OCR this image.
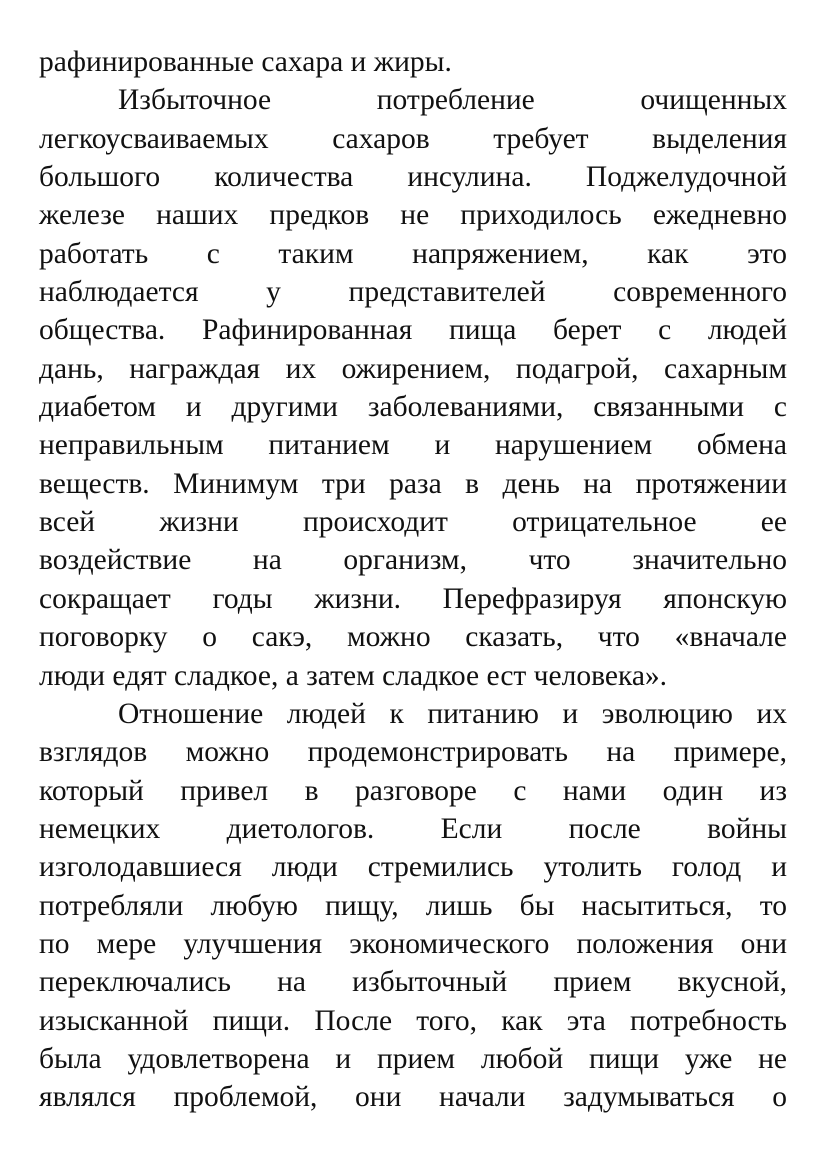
рафинированные сахара и жиры.
Избыточное потребление очищенных
легкоусваиваемых сахаров требует выделения
большого количества инсулина. Поджелудочной
железе наших предков не приходилось ежедневно
работать с таким напряжением, как это
наблюдается у представителей современного
общества. Рафинированная пища берет с людей
дань, награждая их ожирением, подагрой, сахарным
диабетом и другими заболеваниями, связанными с
неправильным питанием и нарушением обмена
веществ. Минимум три раза в день на протяжении
всей жизни происходит отрицательное ее
воздействие на организм, что значительно
сокращает годы жизни. Перефразируя японскую
поговорку о сакэ, можно сказать, что «вначале
люди едят сладкое, а затем сладкое ест человека».
Отношение людей к питанию и эволюцию их
взглядов можно продемонстрировать на примере,
который привел в разговоре с нами один из
немецких диетологов. Если после войны
изголодавшиеся люди стремились утолить голод и
потребляли любую пищу, лишь бы насытиться, то
по мере улучшения экономического положения они
переключались на избыточный прием вкусной,
изысканной пищи. После того, как эта потребность
была удовлетворена и прием любой пищи уже не
являлся проблемой, они начали задумываться о
